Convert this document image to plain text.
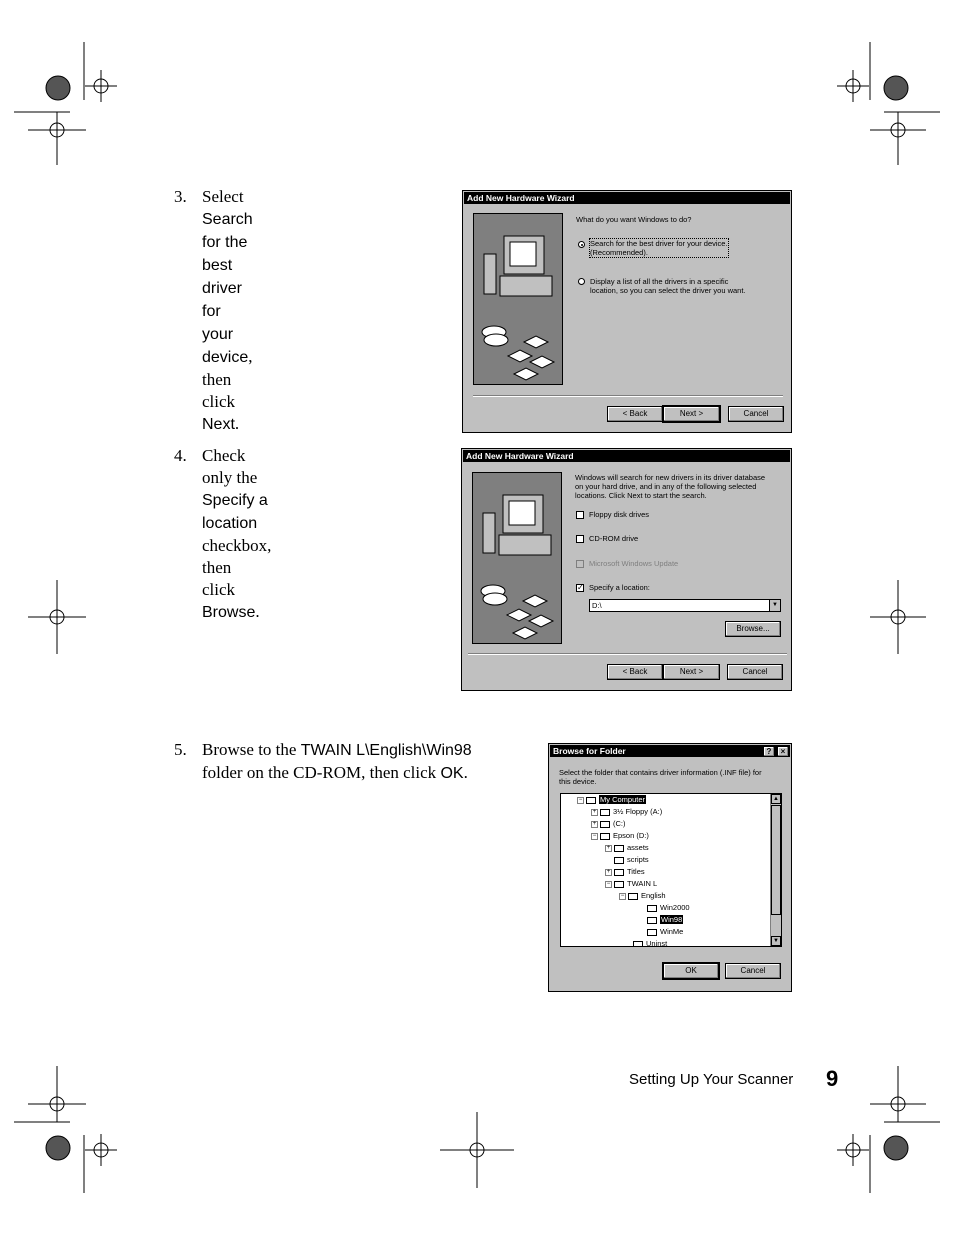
3. Select Search for the best
driver for your device, then
click Next.
Add New Hardware Wizard
What do you want Windows to do?
Search for the best driver for your device.
(Recommended).
Display a list of all the drivers in a specific
location, so you can select the driver you want.
< Back	Next >	Cancel
4. Check only the Specify a
location checkbox, then
click Browse.
Add New Hardware Wizard
Windows will search for new drivers in its driver database
on your hard drive, and in any of the following selected
locations. Click Next to start the search.
Floppy disk drives
CD-ROM drive
Microsoft Windows Update
✓ Specify a location:
D:\	▼
Browse...
< Back	Next >	Cancel
5. Browse to the TWAIN L\English\Win98
folder on the CD-ROM, then click OK.
Browse for Folder	?	×
Select the folder that contains driver information (.INF file) for
this device.
− My Computer
+ 3½ Floppy (A:)
+ (C:)
− Epson (D:)
+ assets
scripts
+ Titles
− TWAIN L
− English
Win2000
Win98
WinMe
Uninst
▲
▼
OK	Cancel
Setting Up Your Scanner 9
